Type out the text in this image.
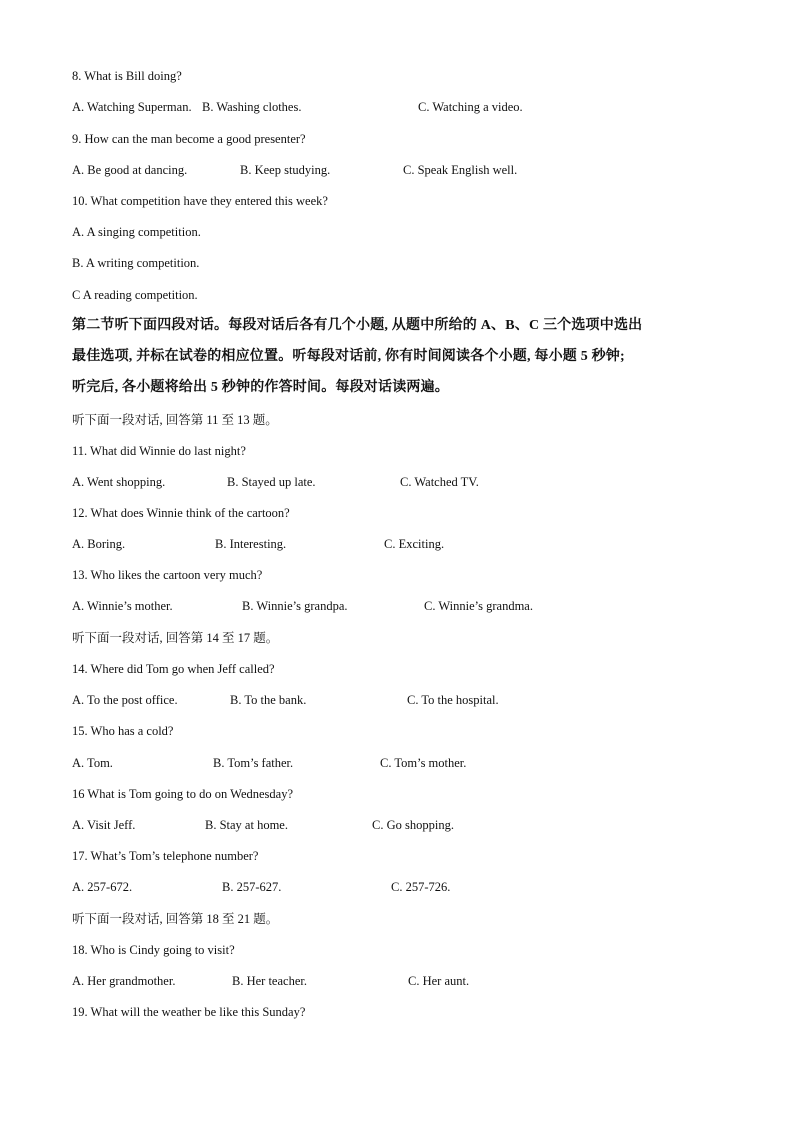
8. What is Bill doing?
A. Watching Superman. B. Washing clothes.	C. Watching a video.
9. How can the man become a good presenter?
A. Be good at dancing.	B. Keep studying.	C. Speak English well.
10. What competition have they entered this week?
A. A singing competition.
B. A writing competition.
C A reading competition.
第二节听下面四段对话。每段对话后各有几个小题, 从题中所给的 A、B、C 三个选项中选出
最佳选项, 并标在试卷的相应位置。听每段对话前, 你有时间阅读各个小题, 每小题 5 秒钟;
听完后, 各小题将给出 5 秒钟的作答时间。每段对话读两遍。
听下面一段对话, 回答第 11 至 13 题。
11. What did Winnie do last night?
A. Went shopping.	B. Stayed up late.	C. Watched TV.
12. What does Winnie think of the cartoon?
A. Boring.	B. Interesting.	C. Exciting.
13. Who likes the cartoon very much?
A. Winnie’s mother.	B. Winnie’s grandpa.	C. Winnie’s grandma.
听下面一段对话, 回答第 14 至 17 题。
14. Where did Tom go when Jeff called?
A. To the post office.	B. To the bank.	C. To the hospital.
15. Who has a cold?
A. Tom.	B. Tom’s father.	C. Tom’s mother.
16 What is Tom going to do on Wednesday?
A. Visit Jeff.	B. Stay at home.	C. Go shopping.
17. What’s Tom’s telephone number?
A. 257-672.	B. 257-627.	C. 257-726.
听下面一段对话, 回答第 18 至 21 题。
18. Who is Cindy going to visit?
A. Her grandmother.	B. Her teacher.	C. Her aunt.
19. What will the weather be like this Sunday?
